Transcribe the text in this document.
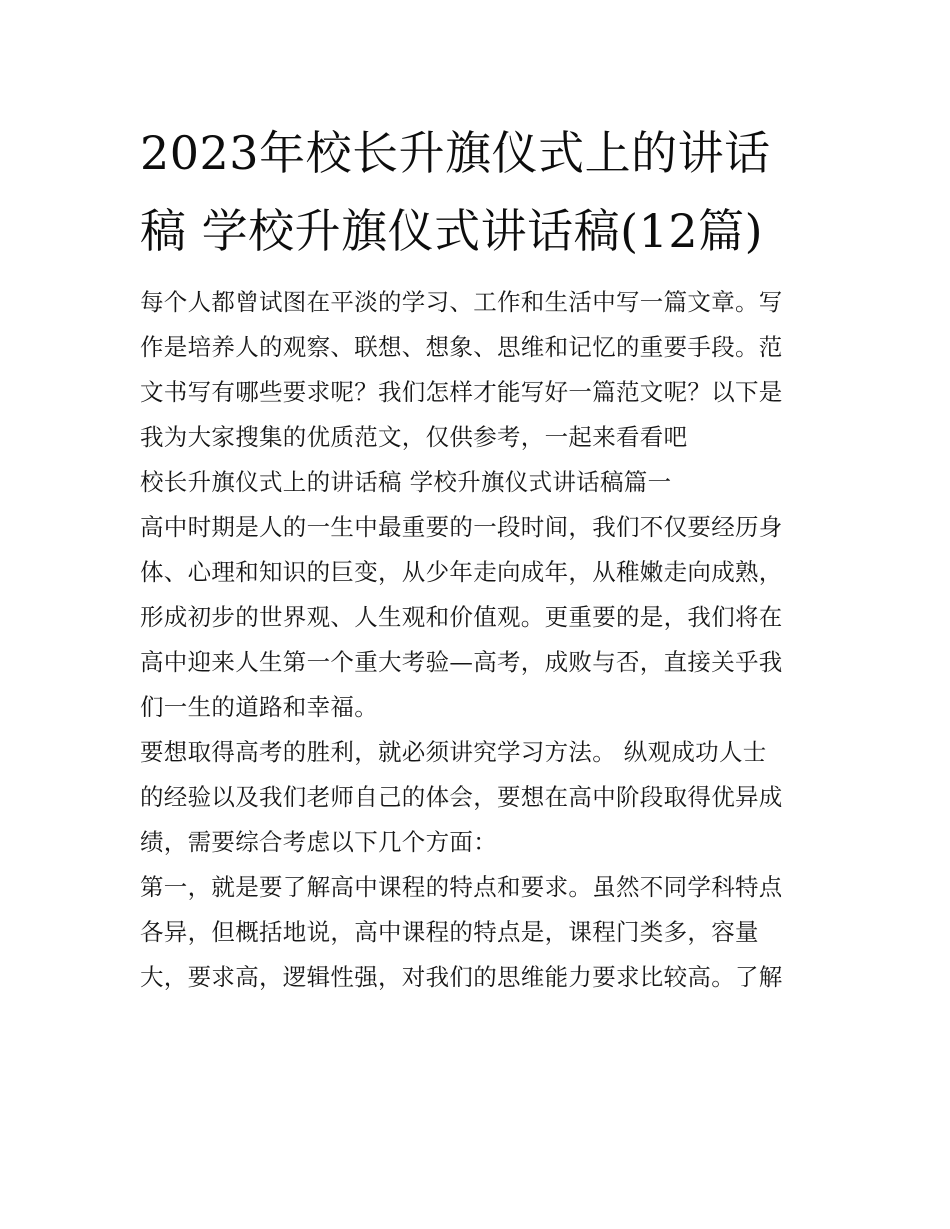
2023年校长升旗仪式上的讲话
稿 学校升旗仪式讲话稿(12篇)
每个人都曾试图在平淡的学习、工作和生活中写一篇文章。写
作是培养人的观察、联想、想象、思维和记忆的重要手段。范
文书写有哪些要求呢？我们怎样才能写好一篇范文呢？以下是
我为大家搜集的优质范文，仅供参考，一起来看看吧
校长升旗仪式上的讲话稿 学校升旗仪式讲话稿篇一
高中时期是人的一生中最重要的一段时间，我们不仅要经历身
体、心理和知识的巨变，从少年走向成年，从稚嫩走向成熟，
形成初步的世界观、人生观和价值观。更重要的是，我们将在
高中迎来人生第一个重大考验—高考，成败与否，直接关乎我
们一生的道路和幸福。
要想取得高考的胜利，就必须讲究学习方法。 纵观成功人士
的经验以及我们老师自己的体会，要想在高中阶段取得优异成
绩，需要综合考虑以下几个方面：
第一，就是要了解高中课程的特点和要求。虽然不同学科特点
各异，但概括地说，高中课程的特点是，课程门类多，容量
大，要求高，逻辑性强，对我们的思维能力要求比较高。了解
